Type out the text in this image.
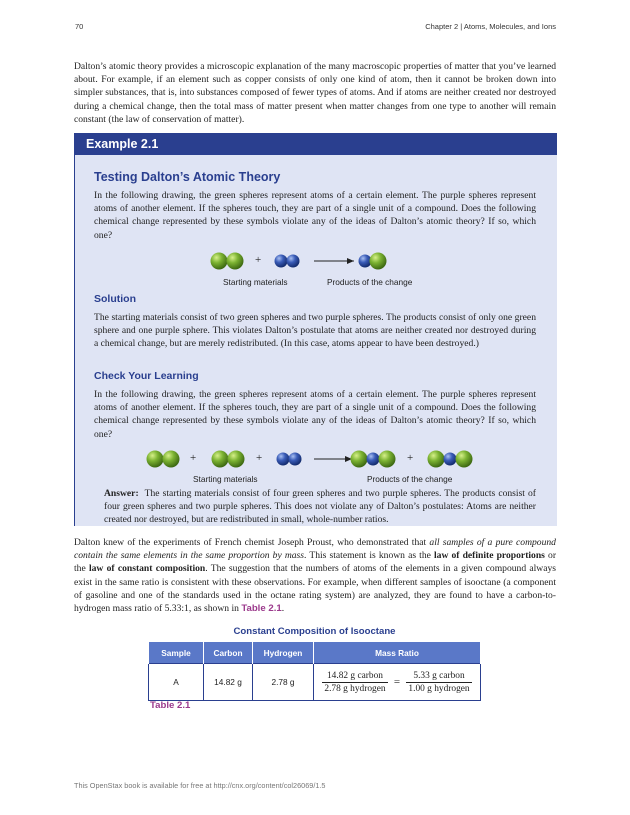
70	Chapter 2 | Atoms, Molecules, and Ions
Dalton’s atomic theory provides a microscopic explanation of the many macroscopic properties of matter that you’ve learned about. For example, if an element such as copper consists of only one kind of atom, then it cannot be broken down into simpler substances, that is, into substances composed of fewer types of atoms. And if atoms are neither created nor destroyed during a chemical change, then the total mass of matter present when matter changes from one type to another will remain constant (the law of conservation of matter).
Example 2.1
Testing Dalton’s Atomic Theory
In the following drawing, the green spheres represent atoms of a certain element. The purple spheres represent atoms of another element. If the spheres touch, they are part of a single unit of a compound. Does the following chemical change represented by these symbols violate any of the ideas of Dalton’s atomic theory? If so, which one?
+
Starting materials	Products of the change
Solution
The starting materials consist of two green spheres and two purple spheres. The products consist of only one green sphere and one purple sphere. This violates Dalton’s postulate that atoms are neither created nor destroyed during a chemical change, but are merely redistributed. (In this case, atoms appear to have been destroyed.)
Check Your Learning
In the following drawing, the green spheres represent atoms of a certain element. The purple spheres represent atoms of another element. If the spheres touch, they are part of a single unit of a compound. Does the following chemical change represented by these symbols violate any of the ideas of Dalton’s atomic theory? If so, which one?
+	+	+
Starting materials	Products of the change
Answer: The starting materials consist of four green spheres and two purple spheres. The products consist of four green spheres and two purple spheres. This does not violate any of Dalton’s postulates: Atoms are neither created nor destroyed, but are redistributed in small, whole-number ratios.
Dalton knew of the experiments of French chemist Joseph Proust, who demonstrated that all samples of a pure compound contain the same elements in the same proportion by mass. This statement is known as the law of definite proportions or the law of constant composition. The suggestion that the numbers of atoms of the elements in a given compound always exist in the same ratio is consistent with these observations. For example, when different samples of isooctane (a component of gasoline and one of the standards used in the octane rating system) are analyzed, they are found to have a carbon-to-hydrogen mass ratio of 5.33:1, as shown in Table 2.1.
Constant Composition of Isooctane
Sample	Carbon	Hydrogen	Mass Ratio
A	14.82 g	2.78 g	$\frac{\text{14.82 g carbon}}{\text{2.78 g hydrogen}} = \frac{\text{5.33 g carbon}}{\text{1.00 g hydrogen}}$
Table 2.1
This OpenStax book is available for free at http://cnx.org/content/col26069/1.5
